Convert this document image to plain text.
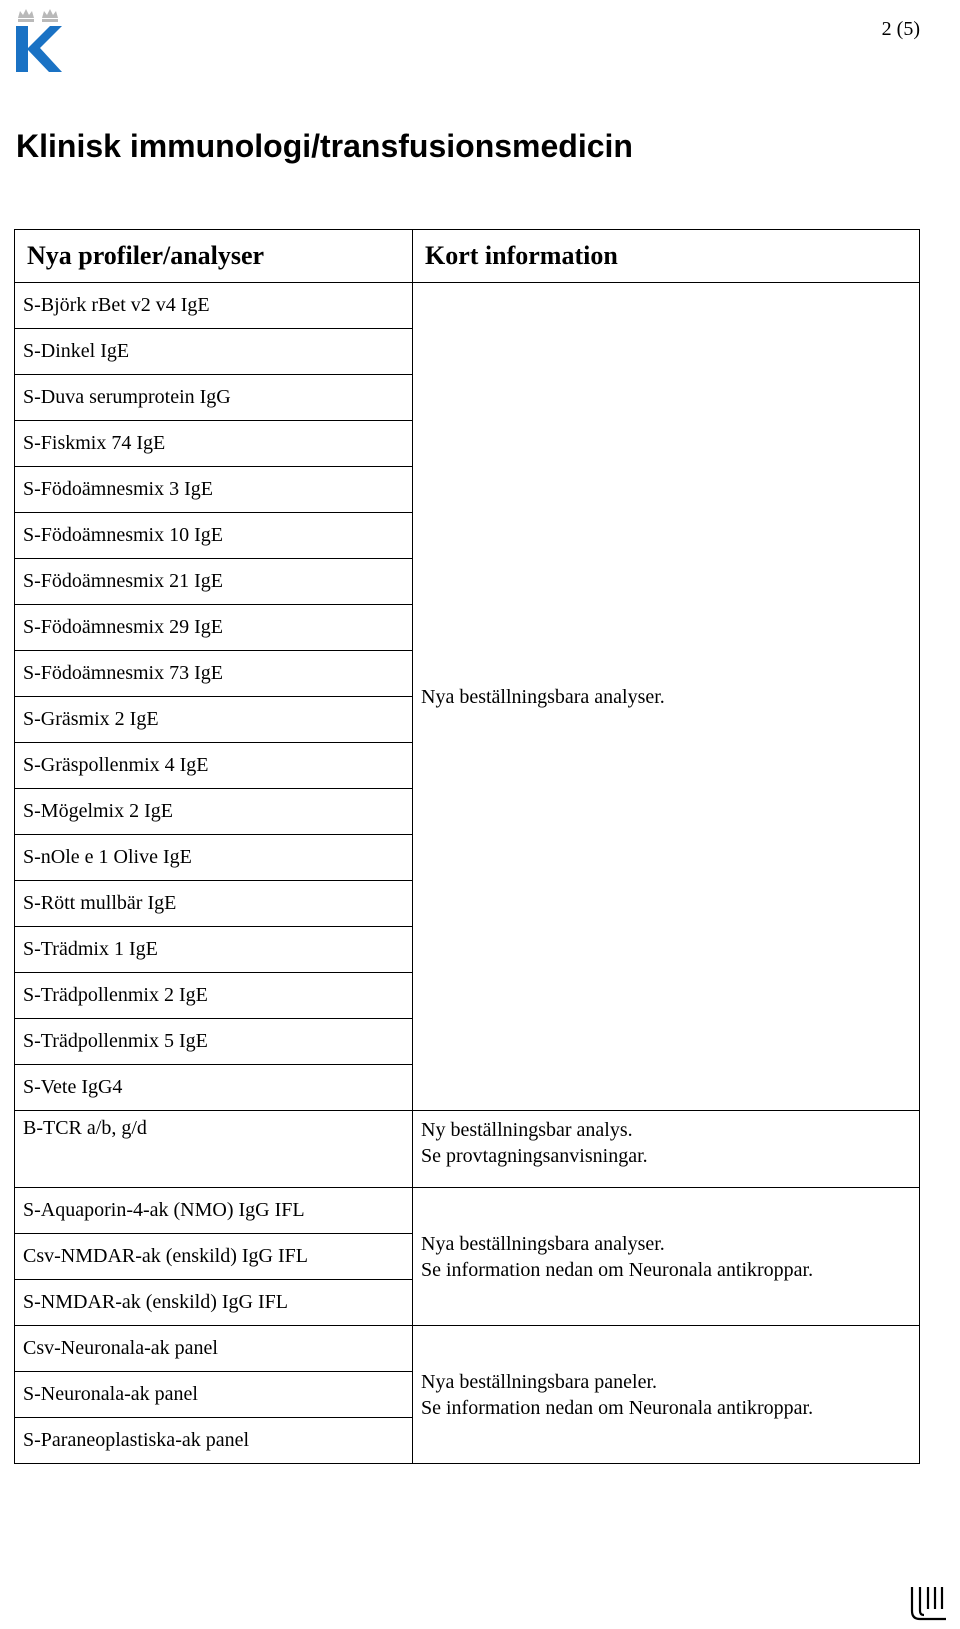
2 (5)
Klinisk immunologi/transfusionsmedicin
Nya profiler/analyser	Kort information
S-Björk rBet v2 v4 IgE	Nya beställningsbara analyser.

S-Dinkel IgE	
S-Duva serumprotein IgG	
S-Fiskmix 74 IgE	
S-Födoämnesmix 3 IgE	
S-Födoämnesmix 10 IgE	
S-Födoämnesmix 21 IgE	
S-Födoämnesmix 29 IgE	
S-Födoämnesmix 73 IgE	
S-Gräsmix 2 IgE	
S-Gräspollenmix 4 IgE	
S-Mögelmix 2 IgE	
S-nOle e 1 Olive IgE	
S-Rött mullbär IgE	
S-Trädmix 1 IgE	
S-Trädpollenmix 2 IgE	
S-Trädpollenmix 5 IgE	
S-Vete IgG4	
B-TCR a/b, g/d	Ny beställningsbar analys.
Se provtagningsanvisningar.

S-Aquaporin-4-ak (NMO) IgG IFL	Nya beställningsbara analyser.
Se information nedan om Neuronala antikroppar.

Csv-NMDAR-ak (enskild) IgG IFL	
S-NMDAR-ak (enskild) IgG IFL	
Csv-Neuronala-ak panel	Nya beställningsbara paneler.
Se information nedan om Neuronala antikroppar.

S-Neuronala-ak panel	
S-Paraneoplastiska-ak panel	
